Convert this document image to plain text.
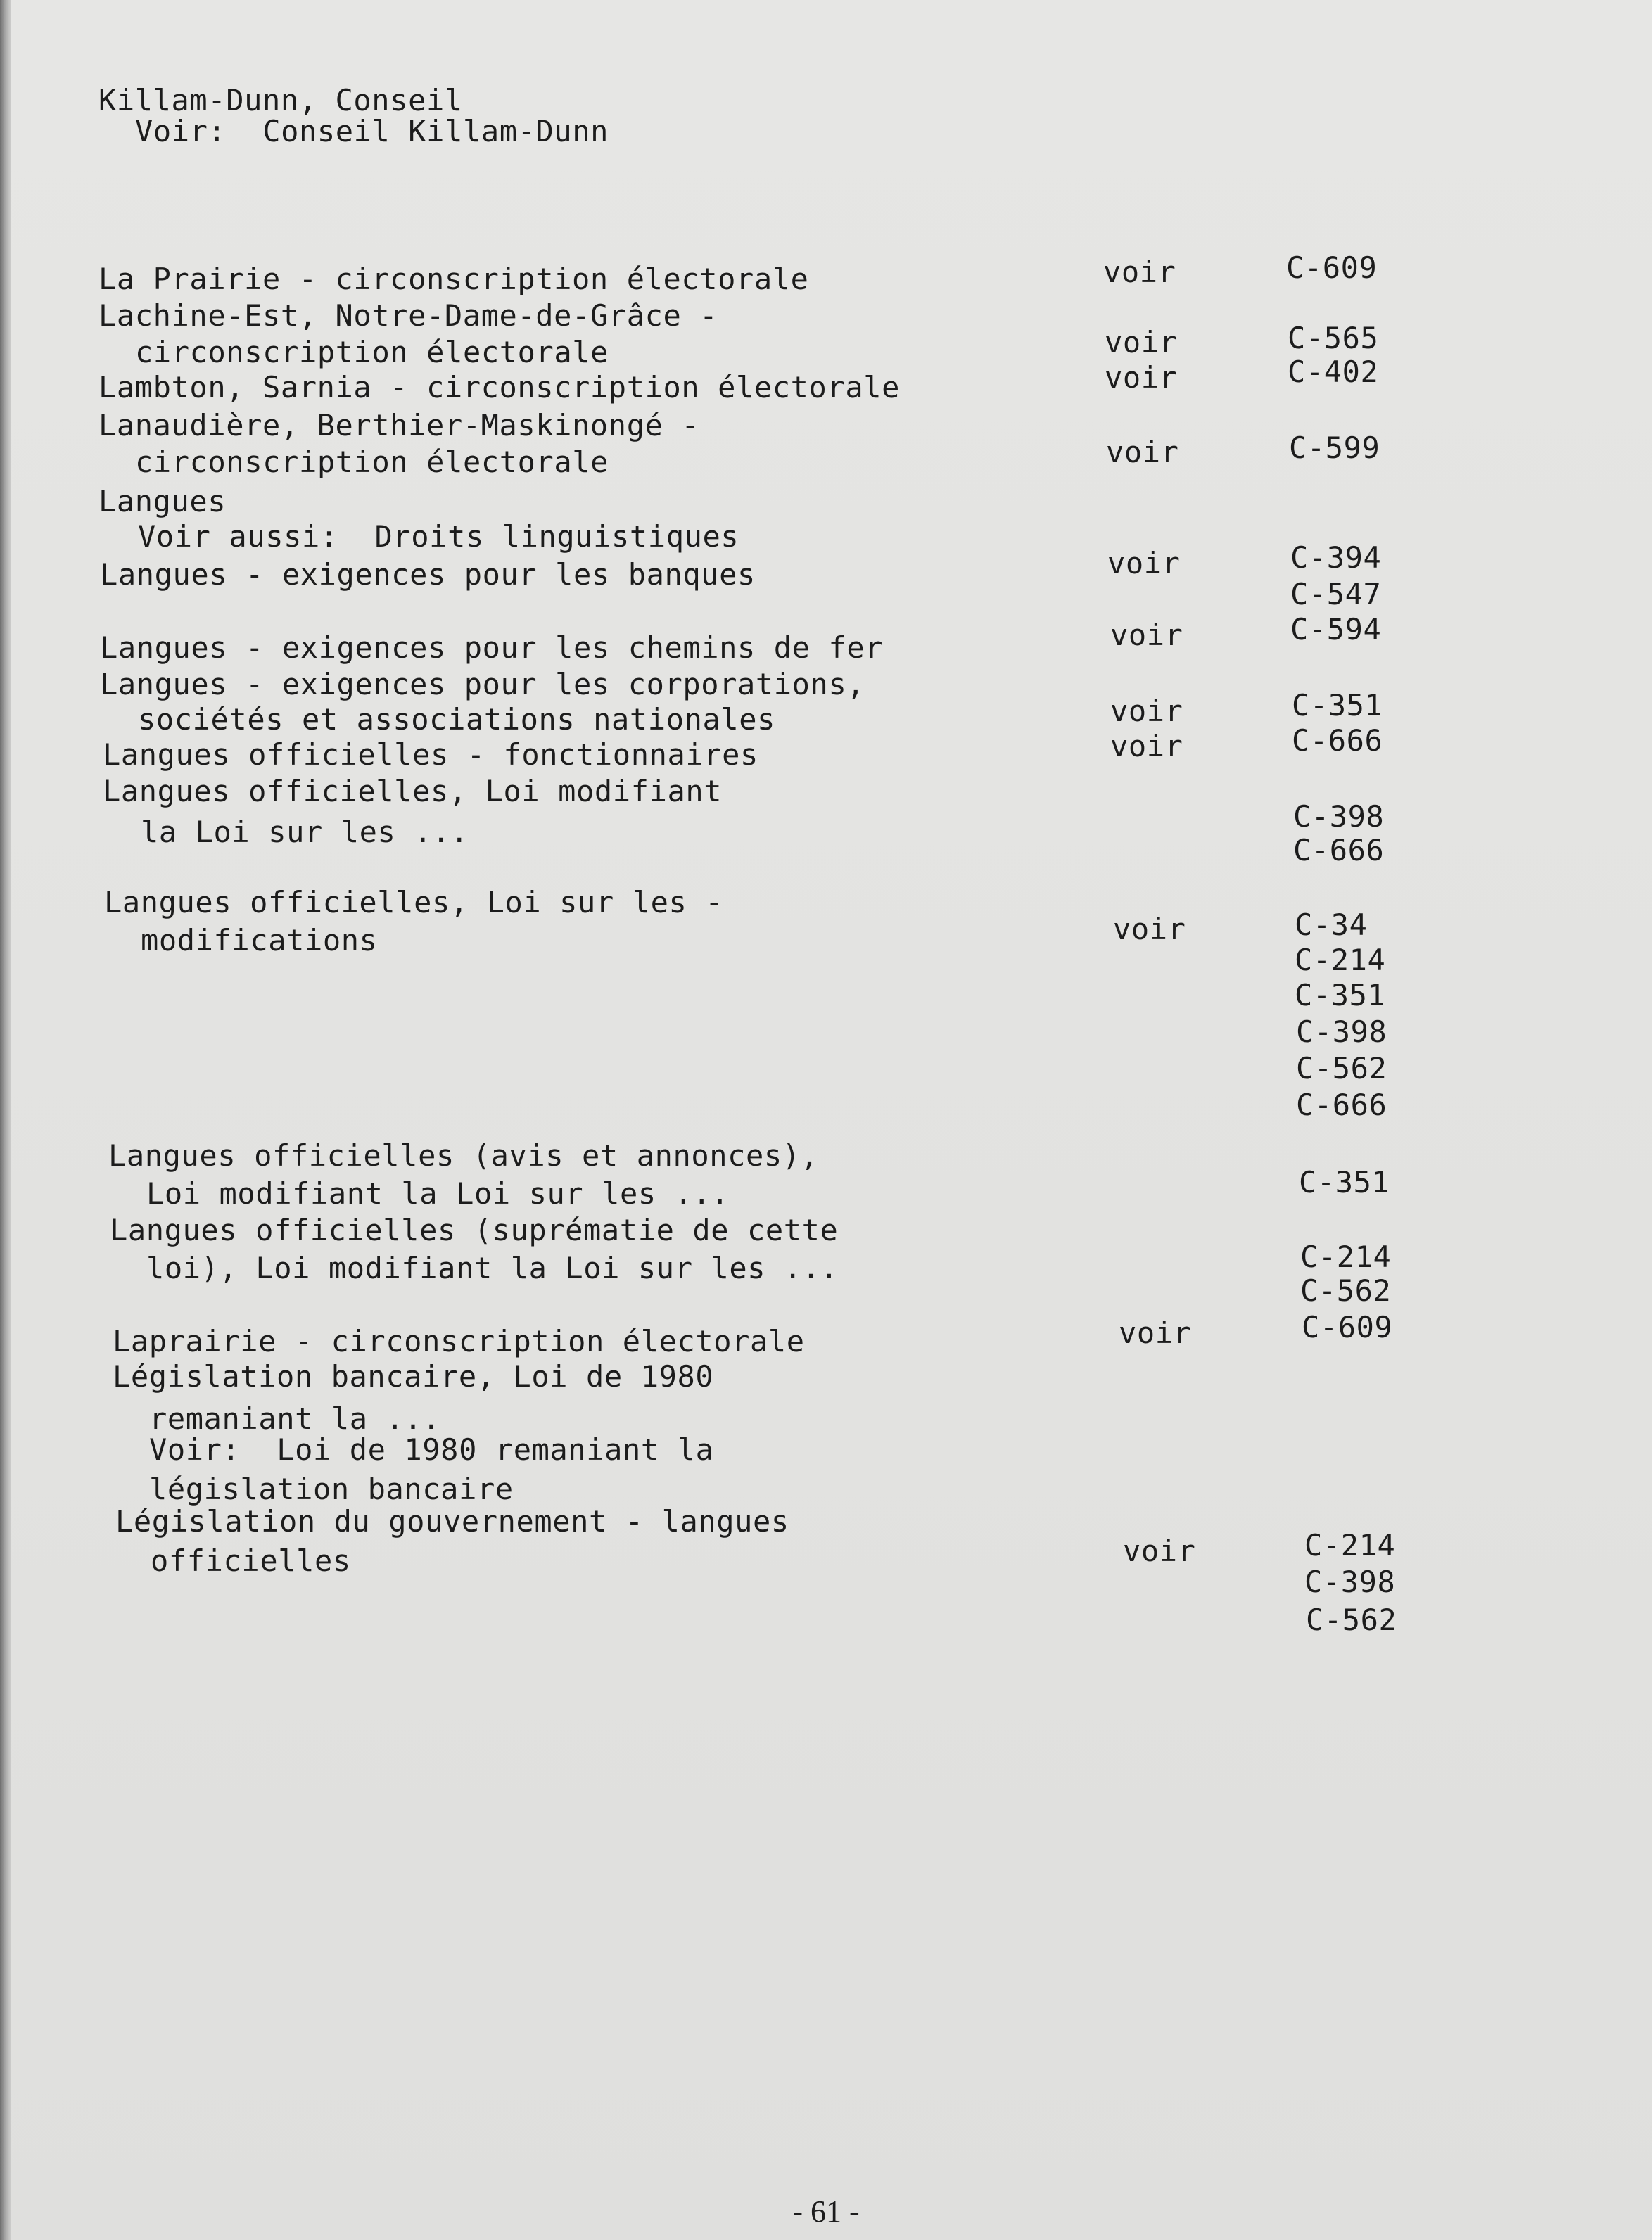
Killam-Dunn, Conseil
Voir:  Conseil Killam-Dunn
La Prairie - circonscription électorale
Lachine-Est, Notre-Dame-de-Grâce -
circonscription électorale
Lambton, Sarnia - circonscription électorale
Lanaudière, Berthier-Maskinongé -
circonscription électorale
Langues
Voir aussi:  Droits linguistiques
Langues - exigences pour les banques
Langues - exigences pour les chemins de fer
Langues - exigences pour les corporations,
sociétés et associations nationales
Langues officielles - fonctionnaires
Langues officielles, Loi modifiant
la Loi sur les ...
Langues officielles, Loi sur les -
modifications
Langues officielles (avis et annonces),
Loi modifiant la Loi sur les ...
Langues officielles (suprématie de cette
loi), Loi modifiant la Loi sur les ...
Laprairie - circonscription électorale
Législation bancaire, Loi de 1980
remaniant la ...
Voir:  Loi de 1980 remaniant la
législation bancaire
Législation du gouvernement - langues
officielles
voir
voir
voir
voir
voir
voir
voir
voir
voir
voir
voir
C-609
C-565
C-402
C-599
C-394
C-547
C-594
C-351
C-666
C-398
C-666
C-34
C-214
C-351
C-398
C-562
C-666
C-351
C-214
C-562
C-609
C-214
C-398
C-562
- 61 -
